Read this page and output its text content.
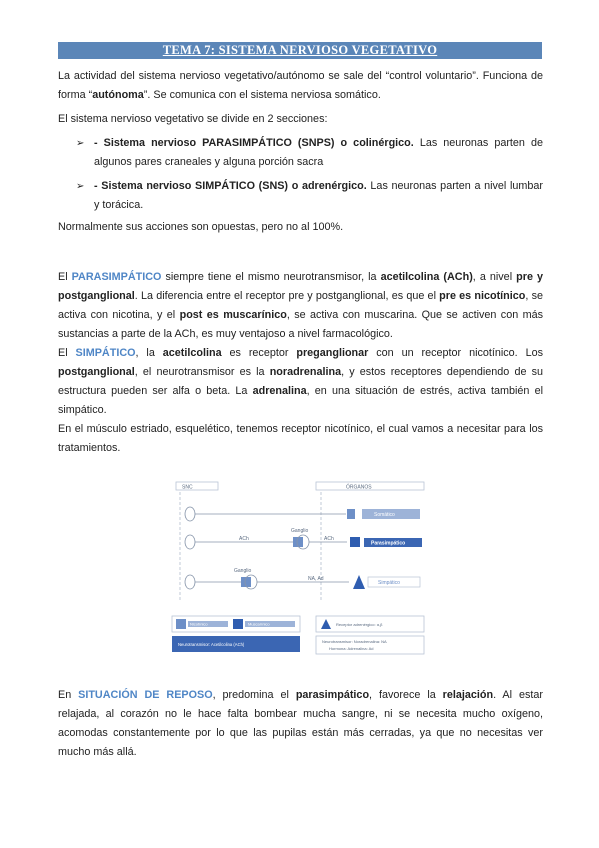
TEMA 7: SISTEMA NERVIOSO VEGETATIVO

La actividad del sistema nervioso vegetativo/autónomo se sale del “control voluntario”. Funciona de forma “autónoma”. Se comunica con el sistema nerviosa somático.

El sistema nervioso vegetativo se divide en 2 secciones:

➢ - Sistema nervioso PARASIMPÁTICO (SNPS) o colinérgico. Las neuronas parten de algunos pares craneales y alguna porción sacra

➢ - Sistema nervioso SIMPÁTICO (SNS) o adrenérgico. Las neuronas parten a nivel lumbar y torácica.

Normalmente sus acciones son opuestas, pero no al 100%.

El PARASIMPÁTICO siempre tiene el mismo neurotransmisor, la acetilcolina (ACh), a nivel pre y postganglional. La diferencia entre el receptor pre y postganglional, es que el pre es nicotínico, se activa con nicotina, y el post es muscarínico, se activa con muscarina. Que se activen con más sustancias a parte de la ACh, es muy ventajoso a nivel farmacológico.

El SIMPÁTICO, la acetilcolina es receptor preganglionar con un receptor nicotínico. Los postganglional, el neurotransmisor es la noradrenalina, y estos receptores dependiendo de su estructura pueden ser alfa o beta. La adrenalina, en una situación de estrés, activa también el simpático.

En el músculo estriado, esquelético, tenemos receptor nicotínico, el cual vamos a necesitar para los tratamientos.

SNC	ÓRGANOS
Somático
ACh
Ganglio
ACh
Parasimpático
Ganglio
NA, Ad
Simpático
Nicotínico	Muscarínico
Neurotransmisor: Acetilcolina (ACh)
Receptor adrenérgico: α,β
Neurotransmisor: Noradrenalina: NA
Hormona: Adrenalina: Ad

En SITUACIÓN DE REPOSO, predomina el parasimpático, favorece la relajación. Al estar relajada, al corazón no le hace falta bombear mucha sangre, ni se necesita mucho oxígeno, acomodas constantemente por lo que las pupilas están más cerradas, ya que no necesitas ver mucho más allá.
